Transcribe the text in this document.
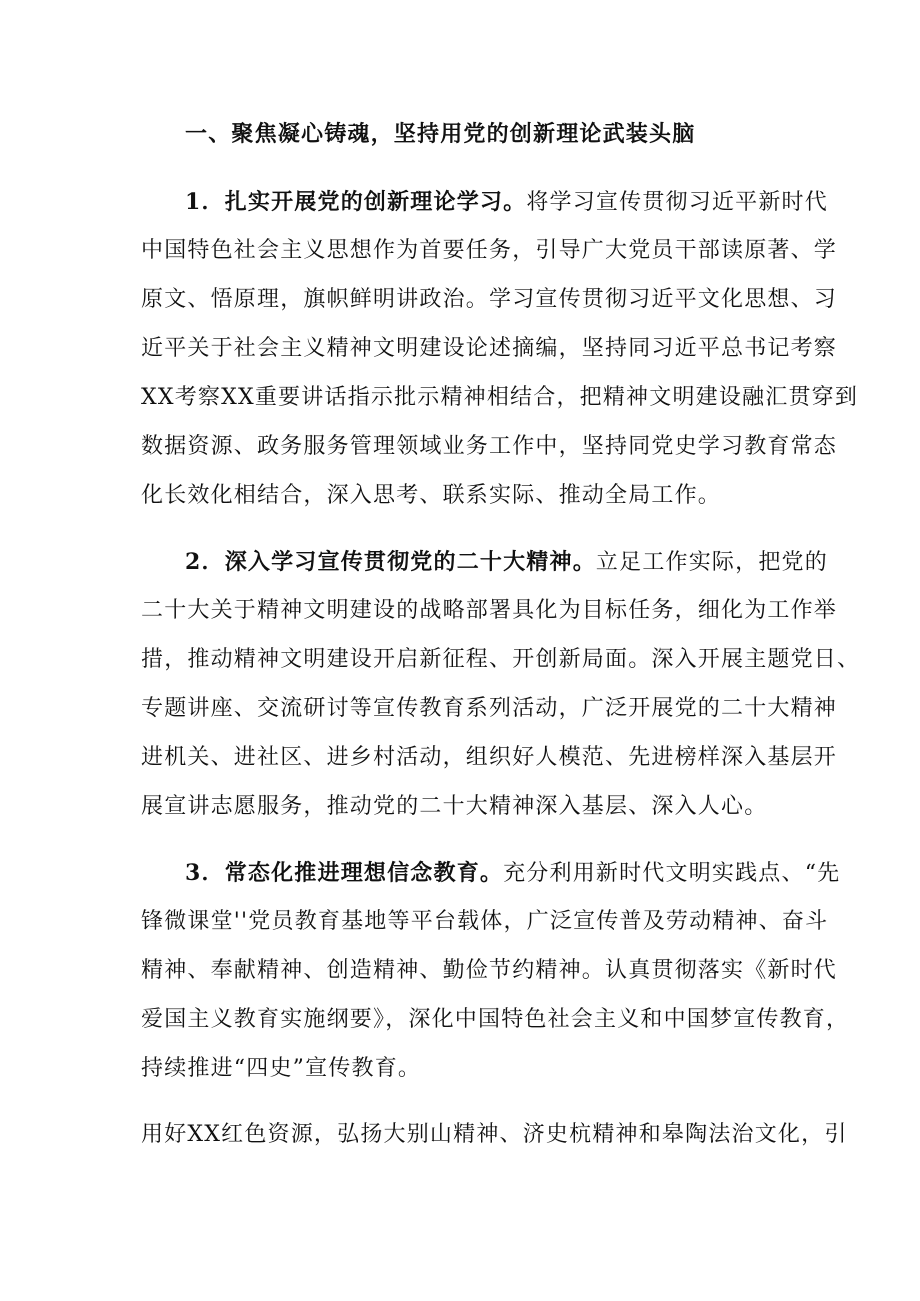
一、聚焦凝心铸魂，坚持用党的创新理论武装头脑
1．扎实开展党的创新理论学习。将学习宣传贯彻习近平新时代
中国特色社会主义思想作为首要任务，引导广大党员干部读原著、学
原文、悟原理，旗帜鲜明讲政治。学习宣传贯彻习近平文化思想、习
近平关于社会主义精神文明建设论述摘编，坚持同习近平总书记考察
XX考察XX重要讲话指示批示精神相结合，把精神文明建设融汇贯穿到
数据资源、政务服务管理领域业务工作中，坚持同党史学习教育常态
化长效化相结合，深入思考、联系实际、推动全局工作。
2．深入学习宣传贯彻党的二十大精神。立足工作实际，把党的
二十大关于精神文明建设的战略部署具化为目标任务，细化为工作举
措，推动精神文明建设开启新征程、开创新局面。深入开展主题党日、
专题讲座、交流研讨等宣传教育系列活动，广泛开展党的二十大精神
进机关、进社区、进乡村活动，组织好人模范、先进榜样深入基层开
展宣讲志愿服务，推动党的二十大精神深入基层、深入人心。
3．常态化推进理想信念教育。充分利用新时代文明实践点、“先
锋微课堂''党员教育基地等平台载体，广泛宣传普及劳动精神、奋斗
精神、奉献精神、创造精神、勤俭节约精神。认真贯彻落实《新时代
爱国主义教育实施纲要》，深化中国特色社会主义和中国梦宣传教育，
持续推进“四史”宣传教育。
用好XX红色资源，弘扬大别山精神、济史杭精神和皋陶法治文化，引
